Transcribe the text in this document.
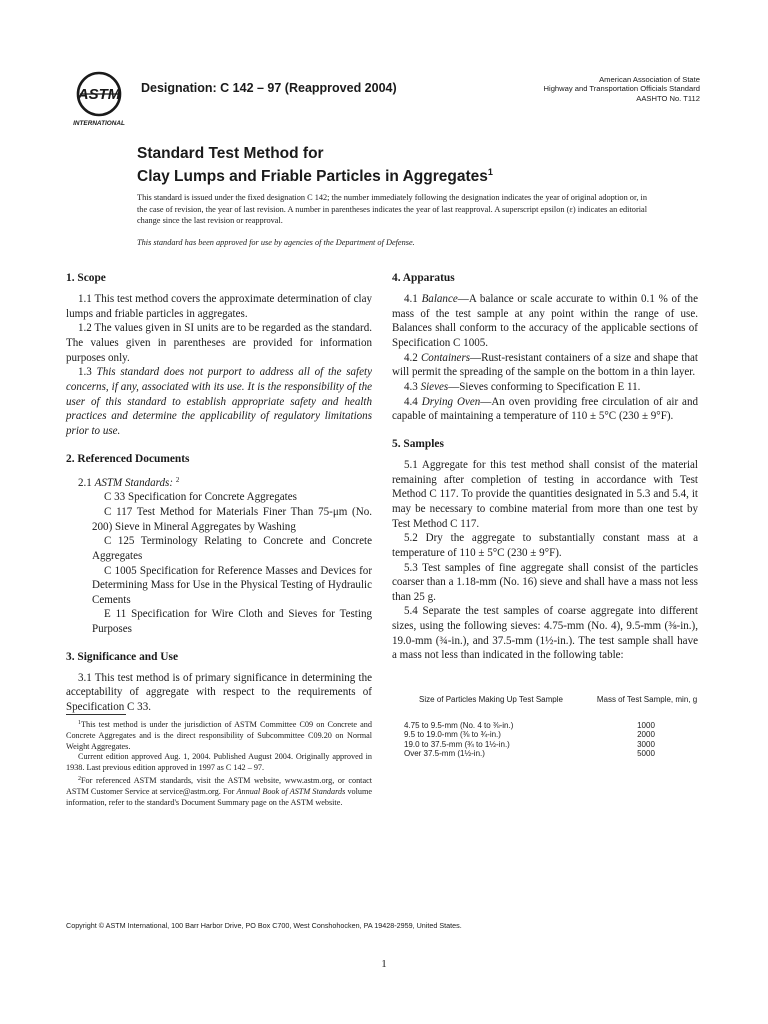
ASTM
INTERNATIONAL
Designation: C 142 – 97 (Reapproved 2004)
American Association of State
Highway and Transportation Officials Standard
AASHTO No. T112
Standard Test Method for
Clay Lumps and Friable Particles in Aggregates$^1$
This standard is issued under the fixed designation C 142; the number immediately following the designation indicates the year of original adoption or, in the case of revision, the year of last revision. A number in parentheses indicates the year of last reapproval. A superscript epsilon (ε) indicates an editorial change since the last revision or reapproval.
This standard has been approved for use by agencies of the Department of Defense.
1. Scope

1.1 This test method covers the approximate determination of clay lumps and friable particles in aggregates.

1.2 The values given in SI units are to be regarded as the standard. The values given in parentheses are provided for information purposes only.

1.3 This standard does not purport to address all of the safety concerns, if any, associated with its use. It is the responsibility of the user of this standard to establish appropriate safety and health practices and determine the applicability of regulatory limitations prior to use.

2. Referenced Documents

2.1 ASTM Standards: $^2$

C 33 Specification for Concrete Aggregates

C 117 Test Method for Materials Finer Than 75-μm (No. 200) Sieve in Mineral Aggregates by Washing

C 125 Terminology Relating to Concrete and Concrete Aggregates

C 1005 Specification for Reference Masses and Devices for Determining Mass for Use in the Physical Testing of Hydraulic Cements

E 11 Specification for Wire Cloth and Sieves for Testing Purposes

3. Significance and Use

3.1 This test method is of primary significance in determining the acceptability of aggregate with respect to the requirements of Specification C 33.

4. Apparatus

4.1 Balance—A balance or scale accurate to within 0.1 % of the mass of the test sample at any point within the range of use. Balances shall conform to the accuracy of the applicable sections of Specification C 1005.

4.2 Containers—Rust-resistant containers of a size and shape that will permit the spreading of the sample on the bottom in a thin layer.

4.3 Sieves—Sieves conforming to Specification E 11.

4.4 Drying Oven—An oven providing free circulation of air and capable of maintaining a temperature of 110 ± 5°C (230 ± 9°F).

5. Samples

5.1 Aggregate for this test method shall consist of the material remaining after completion of testing in accordance with Test Method C 117. To provide the quantities designated in 5.3 and 5.4, it may be necessary to combine material from more than one test by Test Method C 117.

5.2 Dry the aggregate to substantially constant mass at a temperature of 110 ± 5°C (230 ± 9°F).

5.3 Test samples of fine aggregate shall consist of the particles coarser than a 1.18-mm (No. 16) sieve and shall have a mass not less than 25 g.

5.4 Separate the test samples of coarse aggregate into different sizes, using the following sieves: 4.75-mm (No. 4), 9.5-mm (⅜-in.), 19.0-mm (¾-in.), and 37.5-mm (1½-in.). The test sample shall have a mass not less than indicated in the following table:

Size of Particles Making Up Test Sample	Mass of Test Sample, min, g
4.75 to 9.5-mm (No. 4 to ⅜-in.)	1000
9.5 to 19.0-mm (⅜ to ¾-in.)	2000
19.0 to 37.5-mm (¾ to 1½-in.)	3000
Over 37.5-mm (1½-in.)	5000

$^1$This test method is under the jurisdiction of ASTM Committee C09 on Concrete and Concrete Aggregates and is the direct responsibility of Subcommittee C09.20 on Normal Weight Aggregates.

Current edition approved Aug. 1, 2004. Published August 2004. Originally approved in 1938. Last previous edition approved in 1997 as C 142 – 97.

$^2$For referenced ASTM standards, visit the ASTM website, www.astm.org, or contact ASTM Customer Service at service@astm.org. For Annual Book of ASTM Standards volume information, refer to the standard's Document Summary page on the ASTM website.

Copyright © ASTM International, 100 Barr Harbor Drive, PO Box C700, West Conshohocken, PA 19428-2959, United States.
1
